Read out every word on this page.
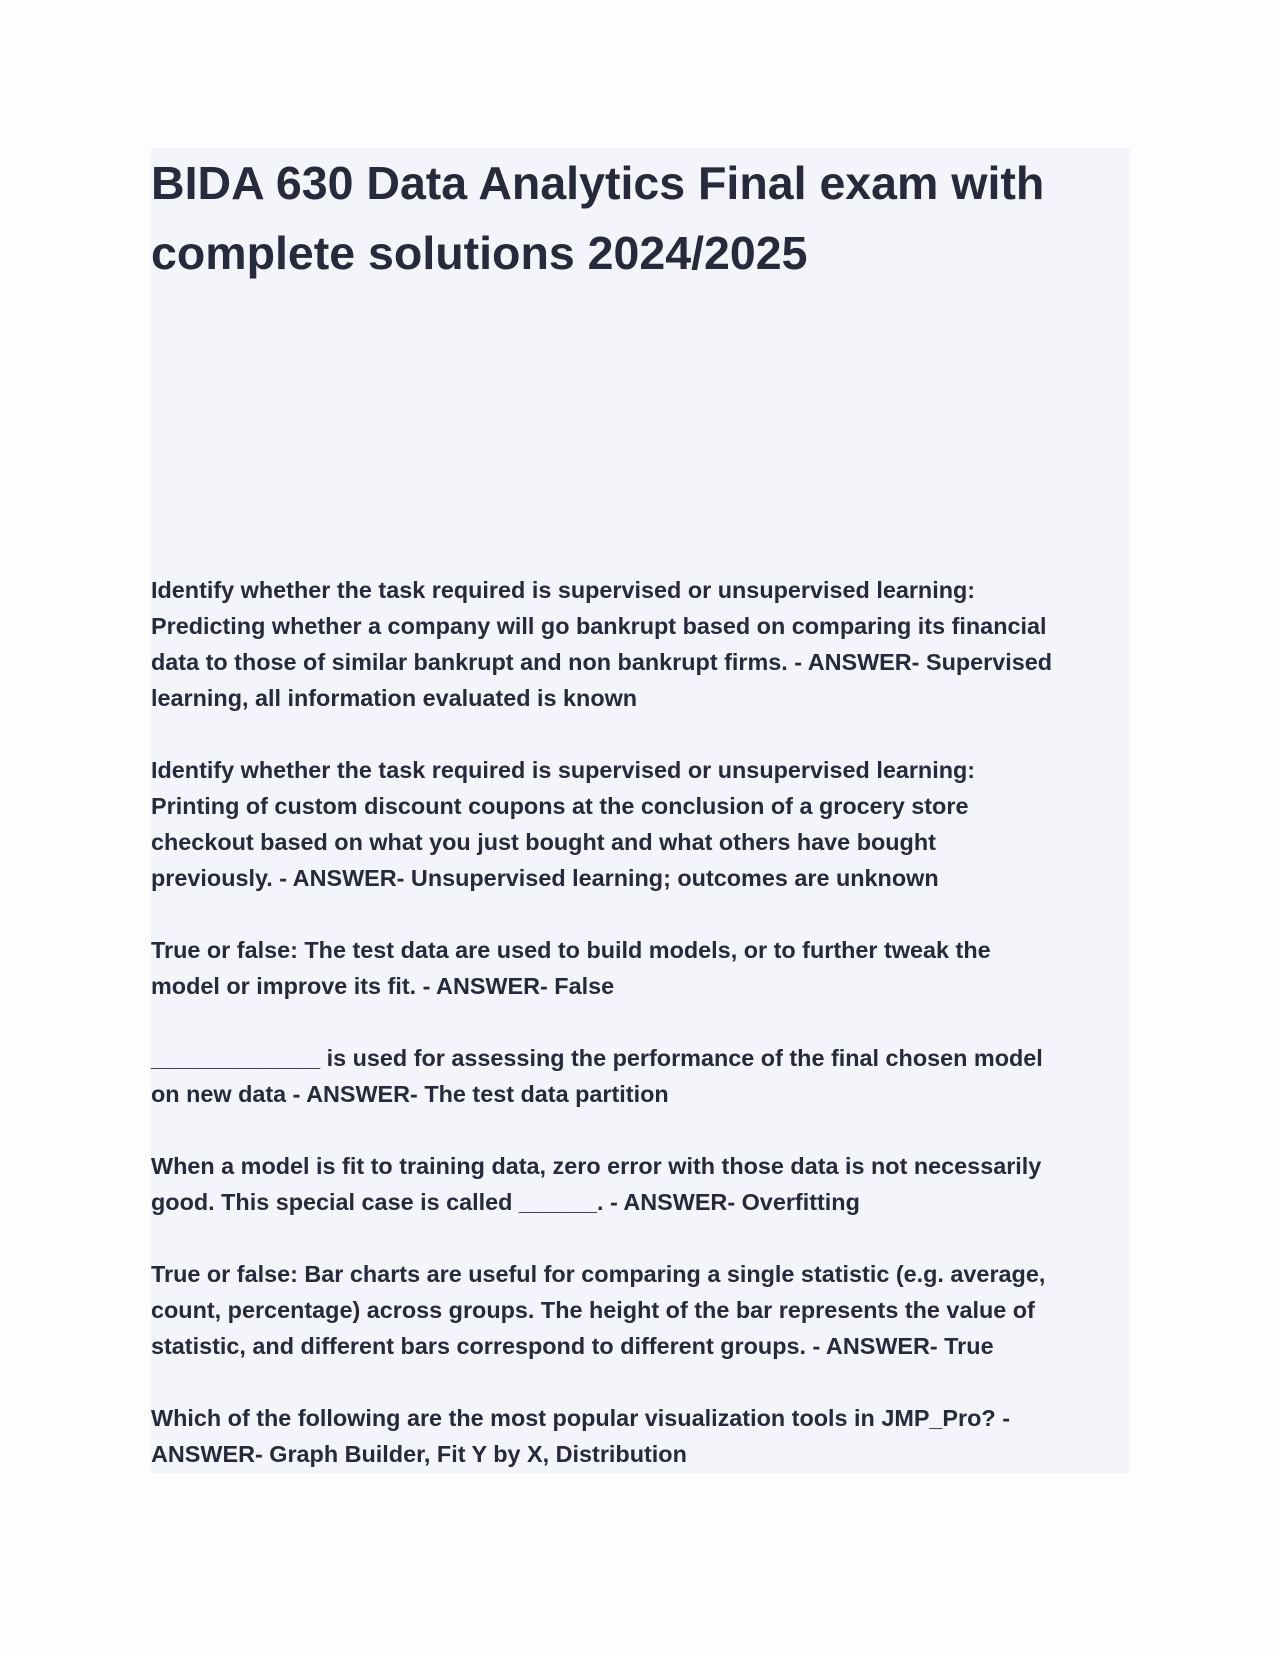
BIDA 630 Data Analytics Final exam with complete solutions 2024/2025

Identify whether the task required is supervised or unsupervised learning:
Predicting whether a company will go bankrupt based on comparing its financial
data to those of similar bankrupt and non bankrupt firms. - ANSWER- Supervised
learning, all information evaluated is known

Identify whether the task required is supervised or unsupervised learning:
Printing of custom discount coupons at the conclusion of a grocery store
checkout based on what you just bought and what others have bought
previously. - ANSWER- Unsupervised learning; outcomes are unknown

True or false: The test data are used to build models, or to further tweak the
model or improve its fit. - ANSWER- False

_____________ is used for assessing the performance of the final chosen model
on new data - ANSWER- The test data partition

When a model is fit to training data, zero error with those data is not necessarily
good. This special case is called ______. - ANSWER- Overfitting

True or false: Bar charts are useful for comparing a single statistic (e.g. average,
count, percentage) across groups. The height of the bar represents the value of
statistic, and different bars correspond to different groups. - ANSWER- True

Which of the following are the most popular visualization tools in JMP_Pro? -
ANSWER- Graph Builder, Fit Y by X, Distribution
